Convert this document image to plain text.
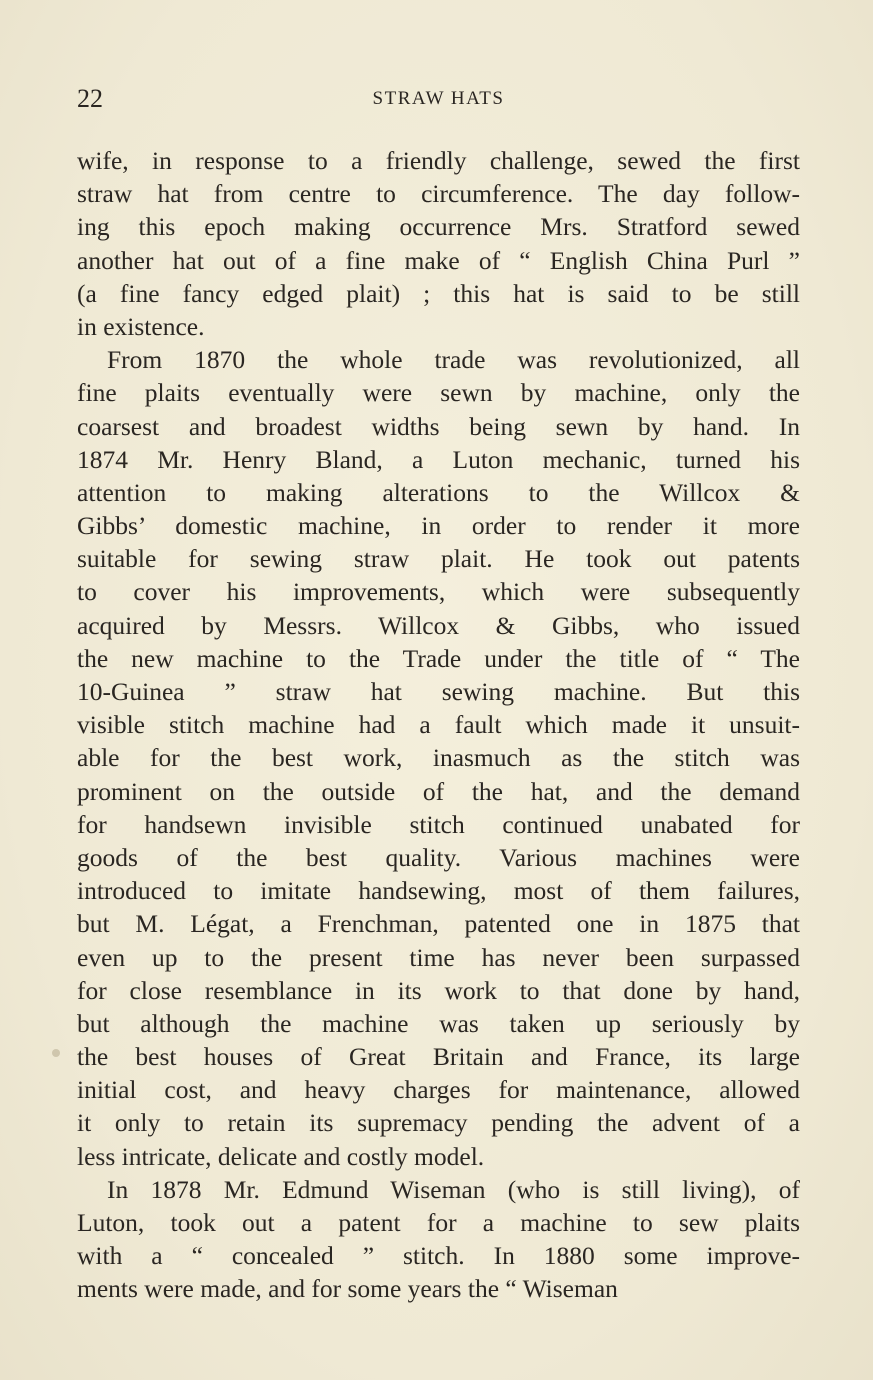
22	STRAW HATS
wife, in response to a friendly challenge, sewed the first
straw hat from centre to circumference. The day follow-
ing this epoch making occurrence Mrs. Stratford sewed
another hat out of a fine make of “ English China Purl ”
(a fine fancy edged plait) ; this hat is said to be still
in existence.
From 1870 the whole trade was revolutionized, all
fine plaits eventually were sewn by machine, only the
coarsest and broadest widths being sewn by hand. In
1874 Mr. Henry Bland, a Luton mechanic, turned his
attention to making alterations to the Willcox &
Gibbs’ domestic machine, in order to render it more
suitable for sewing straw plait. He took out patents
to cover his improvements, which were subsequently
acquired by Messrs. Willcox & Gibbs, who issued
the new machine to the Trade under the title of “ The
10-Guinea ” straw hat sewing machine. But this
visible stitch machine had a fault which made it unsuit-
able for the best work, inasmuch as the stitch was
prominent on the outside of the hat, and the demand
for handsewn invisible stitch continued unabated for
goods of the best quality. Various machines were
introduced to imitate handsewing, most of them failures,
but M. Légat, a Frenchman, patented one in 1875 that
even up to the present time has never been surpassed
for close resemblance in its work to that done by hand,
but although the machine was taken up seriously by
the best houses of Great Britain and France, its large
initial cost, and heavy charges for maintenance, allowed
it only to retain its supremacy pending the advent of a
less intricate, delicate and costly model.
In 1878 Mr. Edmund Wiseman (who is still living), of
Luton, took out a patent for a machine to sew plaits
with a “ concealed ” stitch. In 1880 some improve-
ments were made, and for some years the “ Wiseman
